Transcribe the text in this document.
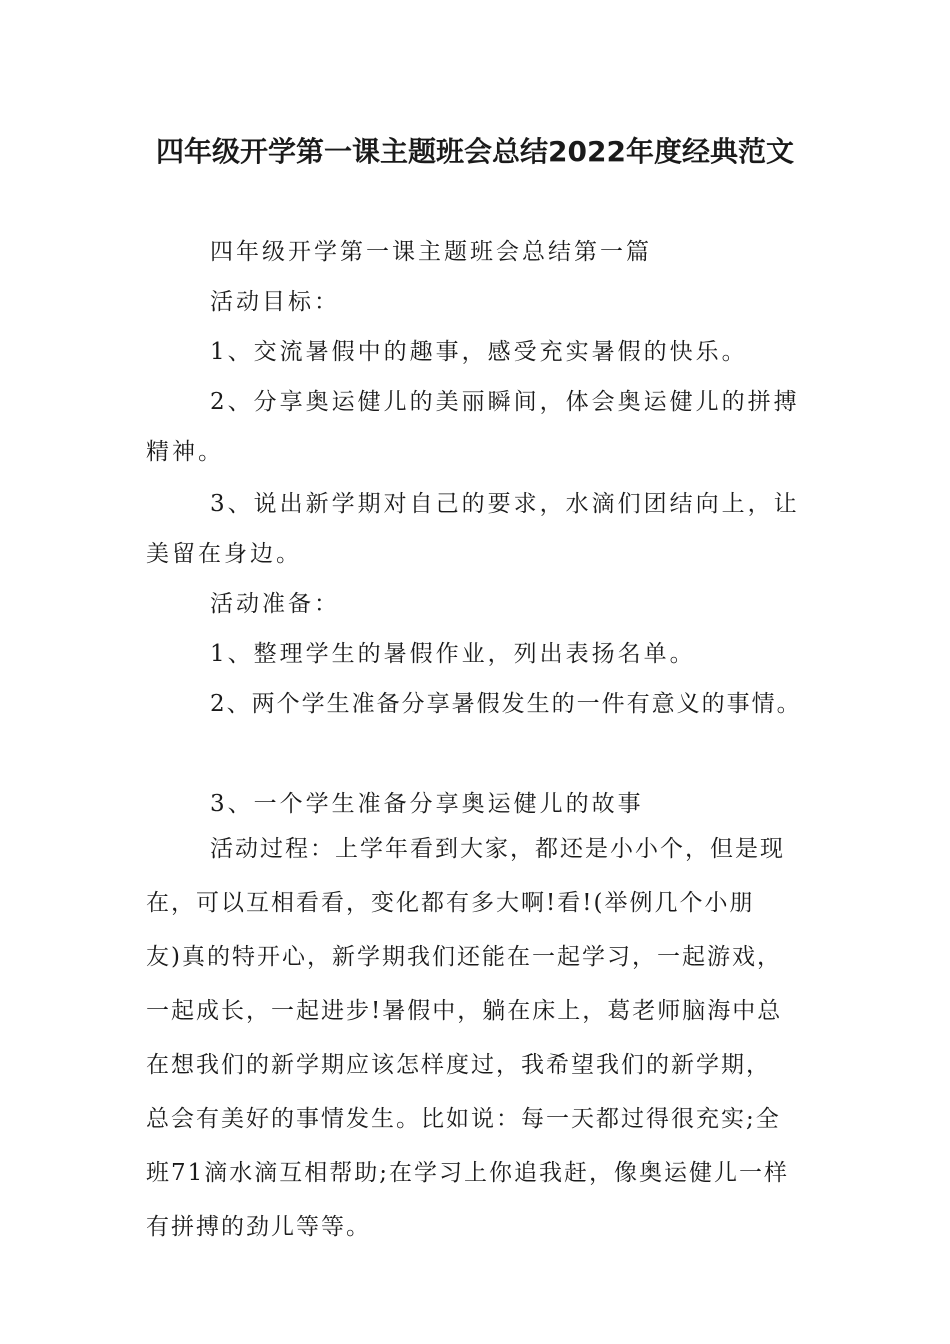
四年级开学第一课主题班会总结2022年度经典范文

四年级开学第一课主题班会总结第一篇

活动目标：

1、交流暑假中的趣事，感受充实暑假的快乐。

2、分享奥运健儿的美丽瞬间，体会奥运健儿的拼搏

精神。

3、说出新学期对自己的要求，水滴们团结向上，让

美留在身边。

活动准备：

1、整理学生的暑假作业，列出表扬名单。

2、两个学生准备分享暑假发生的一件有意义的事情。

3、一个学生准备分享奥运健儿的故事

活动过程：上学年看到大家，都还是小小个，但是现
在，可以互相看看，变化都有多大啊!看!(举例几个小朋
友)真的特开心，新学期我们还能在一起学习，一起游戏，
一起成长，一起进步!暑假中，躺在床上，葛老师脑海中总
在想我们的新学期应该怎样度过，我希望我们的新学期，
总会有美好的事情发生。比如说：每一天都过得很充实;全
班71滴水滴互相帮助;在学习上你追我赶，像奥运健儿一样
有拼搏的劲儿等等。
